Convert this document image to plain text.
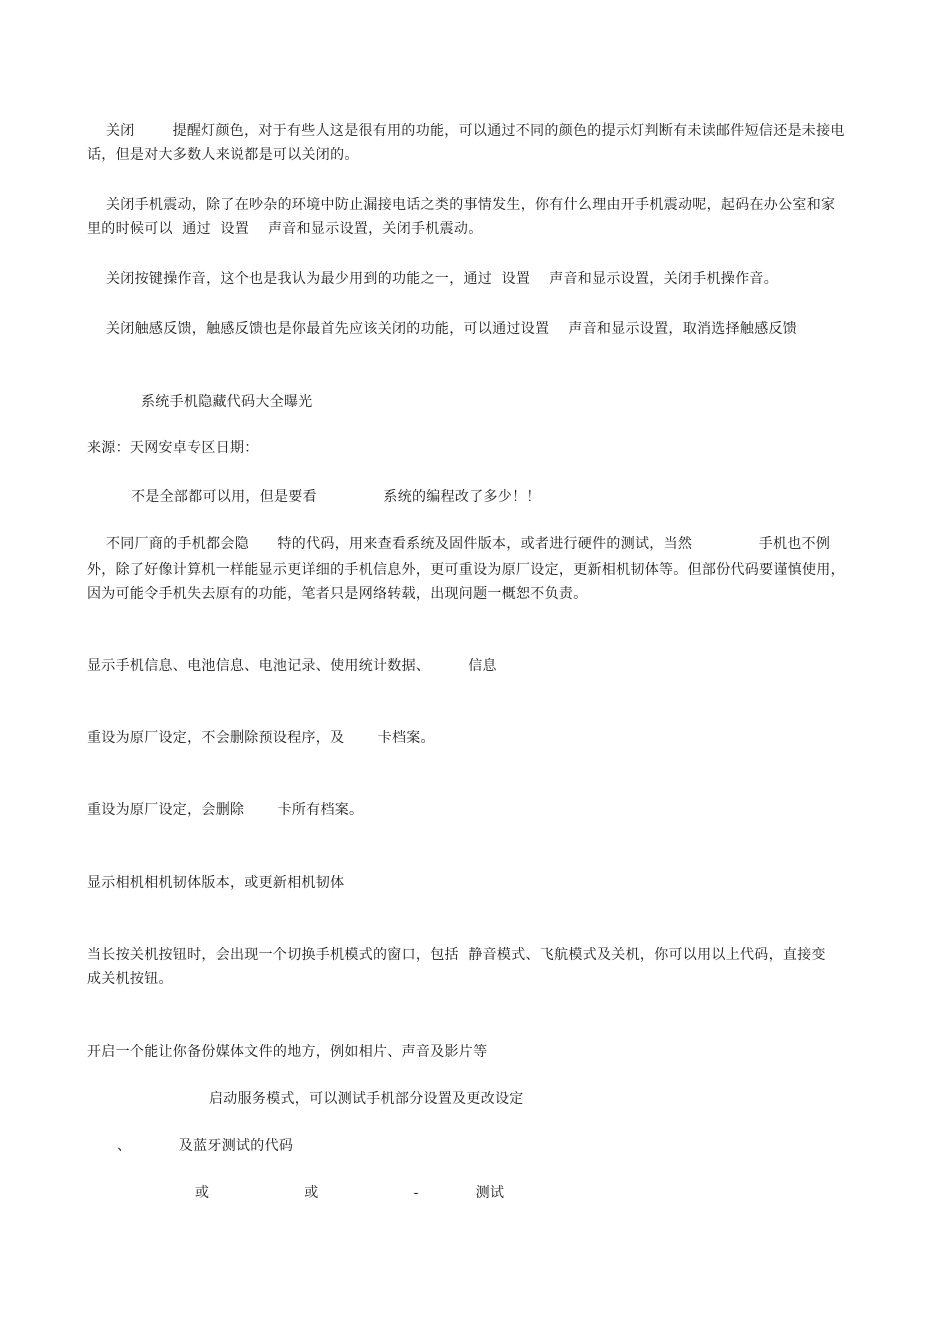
关闭        提醒灯颜色，对于有些人这是很有用的功能，可以通过不同的颜色的提示灯判断有未读邮件短信还是未接电
话，但是对大多数人来说都是可以关闭的。
关闭手机震动，除了在吵杂的环境中防止漏接电话之类的事情发生，你有什么理由开手机震动呢，起码在办公室和家
里的时候可以  通过  设置    声音和显示设置，关闭手机震动。
关闭按键操作音，这个也是我认为最少用到的功能之一，通过  设置    声音和显示设置，关闭手机操作音。
关闭触感反馈，触感反馈也是你最首先应该关闭的功能，可以通过设置    声音和显示设置，取消选择触感反馈
系统手机隐藏代码大全曝光
来源：天网安卓专区日期：
不是全部都可以用，但是要看              系统的编程改了多少！！
不同厂商的手机都会隐      特的代码，用来查看系统及固件版本，或者进行硬件的测试，当然              手机也不例
外，除了好像计算机一样能显示更详细的手机信息外，更可重设为原厂设定，更新相机韧体等。但部份代码要谨慎使用，
因为可能令手机失去原有的功能，笔者只是网络转载，出现问题一概恕不负责。
显示手机信息、电池信息、电池记录、使用统计数据、        信息
重设为原厂设定，不会删除预设程序，及       卡档案。
重设为原厂设定，会删除       卡所有档案。
显示相机相机韧体版本，或更新相机韧体
当长按关机按钮时，会出现一个切换手机模式的窗口，包括  静音模式、飞航模式及关机，你可以用以上代码，直接变
成关机按钮。
开启一个能让你备份媒体文件的地方，例如相片、声音及影片等
启动服务模式，可以测试手机部分设置及更改设定
、          及蓝牙测试的代码
或                    或                    -            测试
